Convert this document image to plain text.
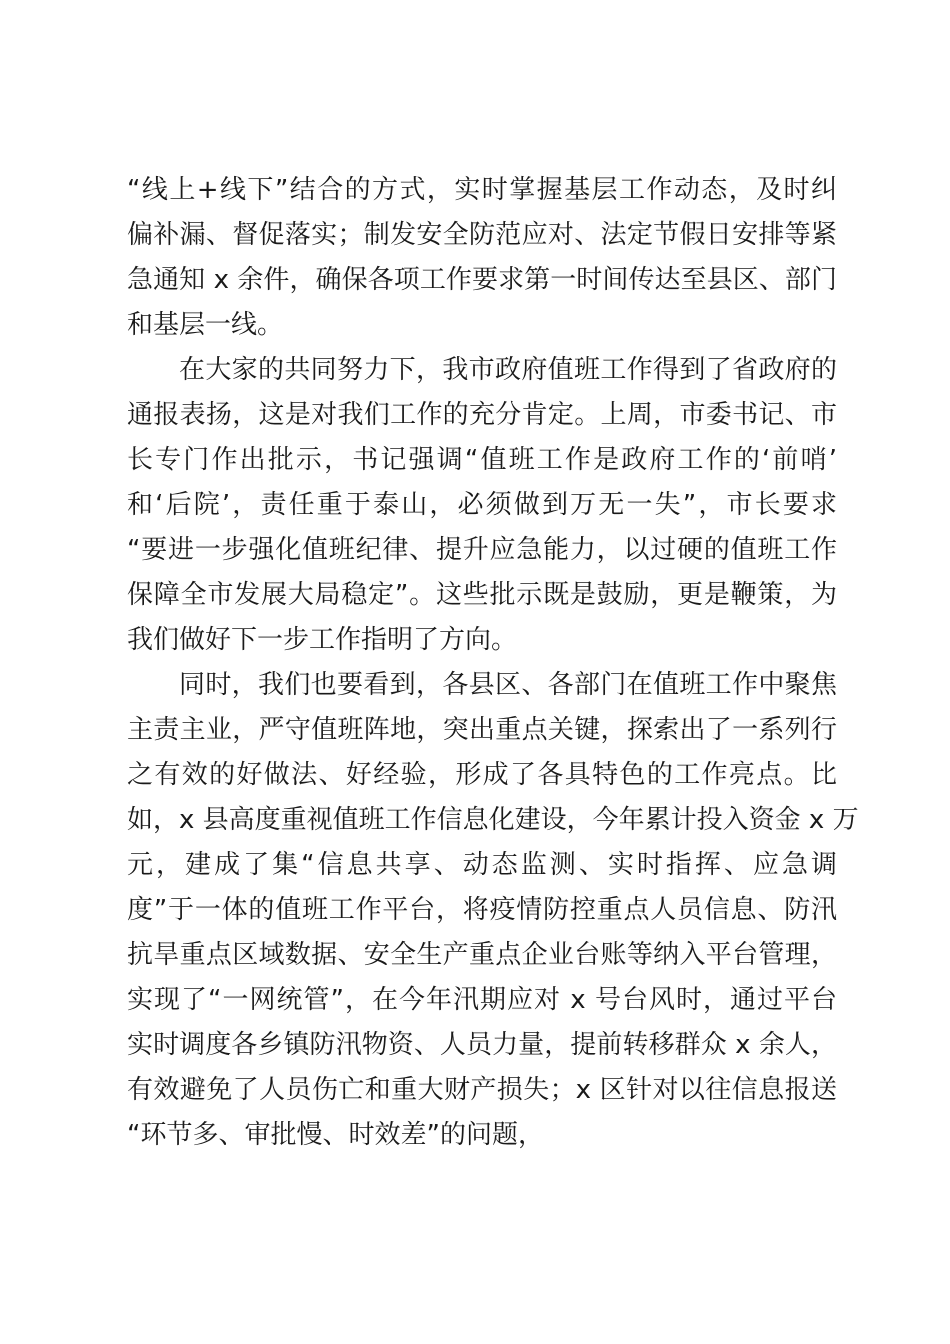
“线上+线下”结合的方式，实时掌握基层工作动态，及时纠
偏补漏、督促落实；制发安全防范应对、法定节假日安排等紧
急通知 x 余件，确保各项工作要求第一时间传达至县区、部门
和基层一线。
在大家的共同努力下，我市政府值班工作得到了省政府的
通报表扬，这是对我们工作的充分肯定。上周，市委书记、市
长专门作出批示，书记强调“值班工作是政府工作的‘前哨’
和‘后院’，责任重于泰山，必须做到万无一失”，市长要求
“要进一步强化值班纪律、提升应急能力，以过硬的值班工作
保障全市发展大局稳定”。这些批示既是鼓励，更是鞭策，为
我们做好下一步工作指明了方向。
同时，我们也要看到，各县区、各部门在值班工作中聚焦
主责主业，严守值班阵地，突出重点关键，探索出了一系列行
之有效的好做法、好经验，形成了各具特色的工作亮点。比
如，x 县高度重视值班工作信息化建设，今年累计投入资金 x 万
元，建成了集“信息共享、动态监测、实时指挥、应急调
度”于一体的值班工作平台，将疫情防控重点人员信息、防汛
抗旱重点区域数据、安全生产重点企业台账等纳入平台管理，
实现了“一网统管”，在今年汛期应对 x 号台风时，通过平台
实时调度各乡镇防汛物资、人员力量，提前转移群众 x 余人，
有效避免了人员伤亡和重大财产损失；x 区针对以往信息报送
“环节多、审批慢、时效差”的问题，
